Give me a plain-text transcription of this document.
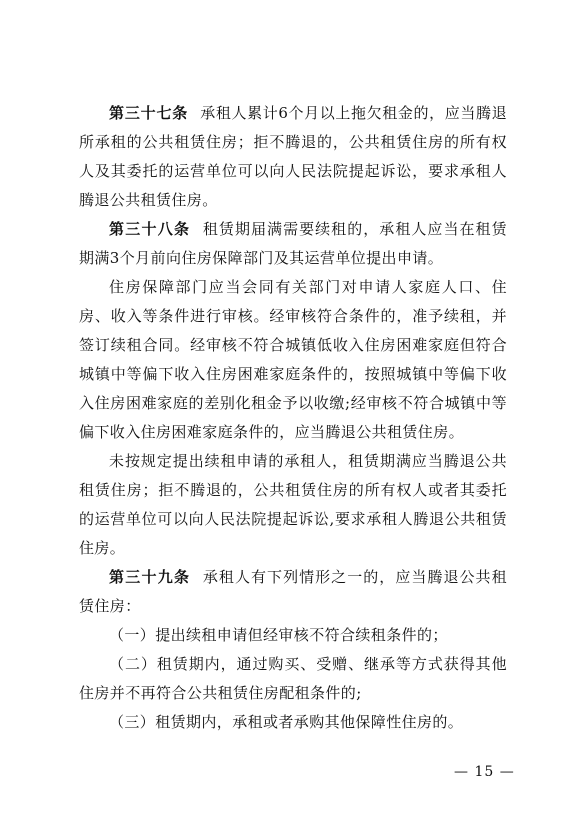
第三十七条 承租人累计6个月以上拖欠租金的，应当腾退所承租的公共租赁住房；拒不腾退的，公共租赁住房的所有权人及其委托的运营单位可以向人民法院提起诉讼，要求承租人腾退公共租赁住房。

第三十八条 租赁期届满需要续租的，承租人应当在租赁期满3个月前向住房保障部门及其运营单位提出申请。

住房保障部门应当会同有关部门对申请人家庭人口、住房、收入等条件进行审核。经审核符合条件的，准予续租，并签订续租合同。经审核不符合城镇低收入住房困难家庭但符合城镇中等偏下收入住房困难家庭条件的，按照城镇中等偏下收入住房困难家庭的差别化租金予以收缴;经审核不符合城镇中等偏下收入住房困难家庭条件的，应当腾退公共租赁住房。

未按规定提出续租申请的承租人，租赁期满应当腾退公共租赁住房；拒不腾退的，公共租赁住房的所有权人或者其委托的运营单位可以向人民法院提起诉讼,要求承租人腾退公共租赁住房。

第三十九条 承租人有下列情形之一的，应当腾退公共租赁住房：

（一）提出续租申请但经审核不符合续租条件的；

（二）租赁期内，通过购买、受赠、继承等方式获得其他住房并不再符合公共租赁住房配租条件的;

（三）租赁期内，承租或者承购其他保障性住房的。

— 15 —
